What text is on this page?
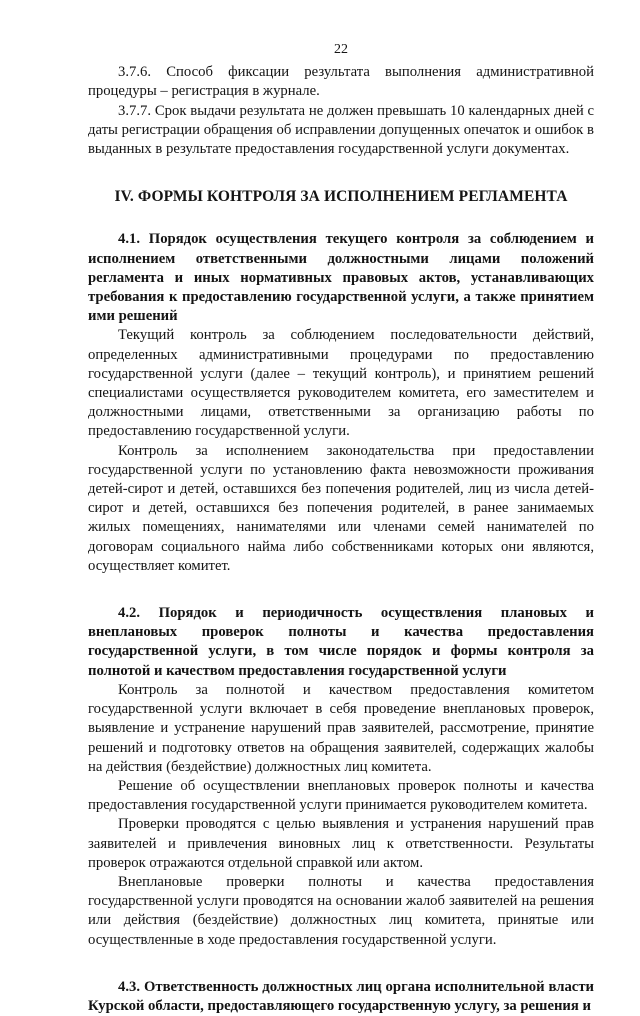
22

3.7.6. Способ фиксации результата выполнения административной процедуры – регистрация в журнале.

3.7.7. Срок выдачи результата не должен превышать 10 календарных дней с даты регистрации обращения об исправлении допущенных опечаток и ошибок в выданных в результате предоставления государственной услуги документах.

IV. ФОРМЫ КОНТРОЛЯ ЗА ИСПОЛНЕНИЕМ РЕГЛАМЕНТА

4.1. Порядок осуществления текущего контроля за соблюдением и исполнением ответственными должностными лицами положений регламента и иных нормативных правовых актов, устанавливающих требования к предоставлению государственной услуги, а также принятием ими решений

Текущий контроль за соблюдением последовательности действий, определенных административными процедурами по предоставлению государственной услуги (далее – текущий контроль), и принятием решений специалистами осуществляется руководителем комитета, его заместителем и должностными лицами, ответственными за организацию работы по предоставлению государственной услуги.

Контроль за исполнением законодательства при предоставлении государственной услуги по установлению факта невозможности проживания детей-сирот и детей, оставшихся без попечения родителей, лиц из числа детей-сирот и детей, оставшихся без попечения родителей, в ранее занимаемых жилых помещениях, нанимателями или членами семей нанимателей по договорам социального найма либо собственниками которых они являются, осуществляет комитет.

4.2. Порядок и периодичность осуществления плановых и внеплановых проверок полноты и качества предоставления государственной услуги, в том числе порядок и формы контроля за полнотой и качеством предоставления государственной услуги

Контроль за полнотой и качеством предоставления комитетом государственной услуги включает в себя проведение внеплановых проверок, выявление и устранение нарушений прав заявителей, рассмотрение, принятие решений и подготовку ответов на обращения заявителей, содержащих жалобы на действия (бездействие) должностных лиц комитета.

Решение об осуществлении внеплановых проверок полноты и качества предоставления государственной услуги принимается руководителем комитета.

Проверки проводятся с целью выявления и устранения нарушений прав заявителей и привлечения виновных лиц к ответственности. Результаты проверок отражаются отдельной справкой или актом.

Внеплановые проверки полноты и качества предоставления государственной услуги проводятся на основании жалоб заявителей на решения или действия (бездействие) должностных лиц комитета, принятые или осуществленные в ходе предоставления государственной услуги.

4.3. Ответственность должностных лиц органа исполнительной власти Курской области, предоставляющего государственную услугу, за решения и
